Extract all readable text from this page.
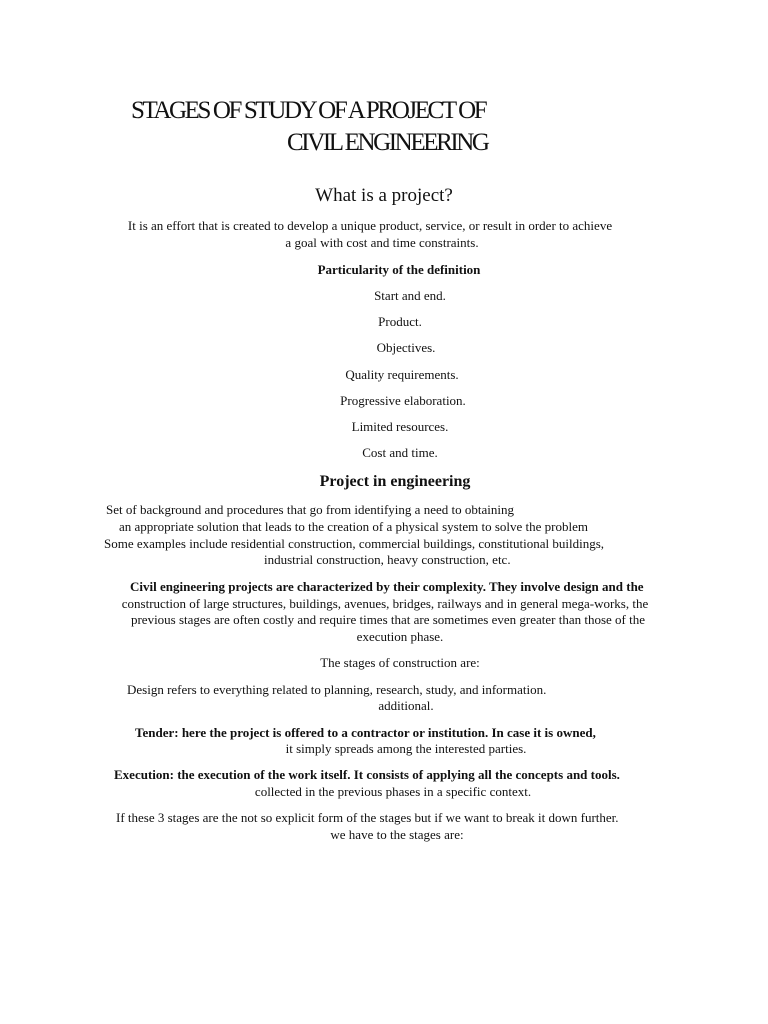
STAGES OF STUDY OF A PROJECT OF
CIVIL ENGINEERING
What is a project?
It is an effort that is created to develop a unique product, service, or result in order to achieve
a goal with cost and time constraints.
Particularity of the definition
Start and end.
Product.
Objectives.
Quality requirements.
Progressive elaboration.
Limited resources.
Cost and time.
Project in engineering
Set of background and procedures that go from identifying a need to obtaining
an appropriate solution that leads to the creation of a physical system to solve the problem
Some examples include residential construction, commercial buildings, constitutional buildings,
industrial construction, heavy construction, etc.
Civil engineering projects are characterized by their complexity. They involve design and the
construction of large structures, buildings, avenues, bridges, railways and in general mega-works, the
previous stages are often costly and require times that are sometimes even greater than those of the
execution phase.
The stages of construction are:
Design refers to everything related to planning, research, study, and information.
additional.
Tender: here the project is offered to a contractor or institution. In case it is owned,
it simply spreads among the interested parties.
Execution: the execution of the work itself. It consists of applying all the concepts and tools.
collected in the previous phases in a specific context.
If these 3 stages are the not so explicit form of the stages but if we want to break it down further.
we have to the stages are:
